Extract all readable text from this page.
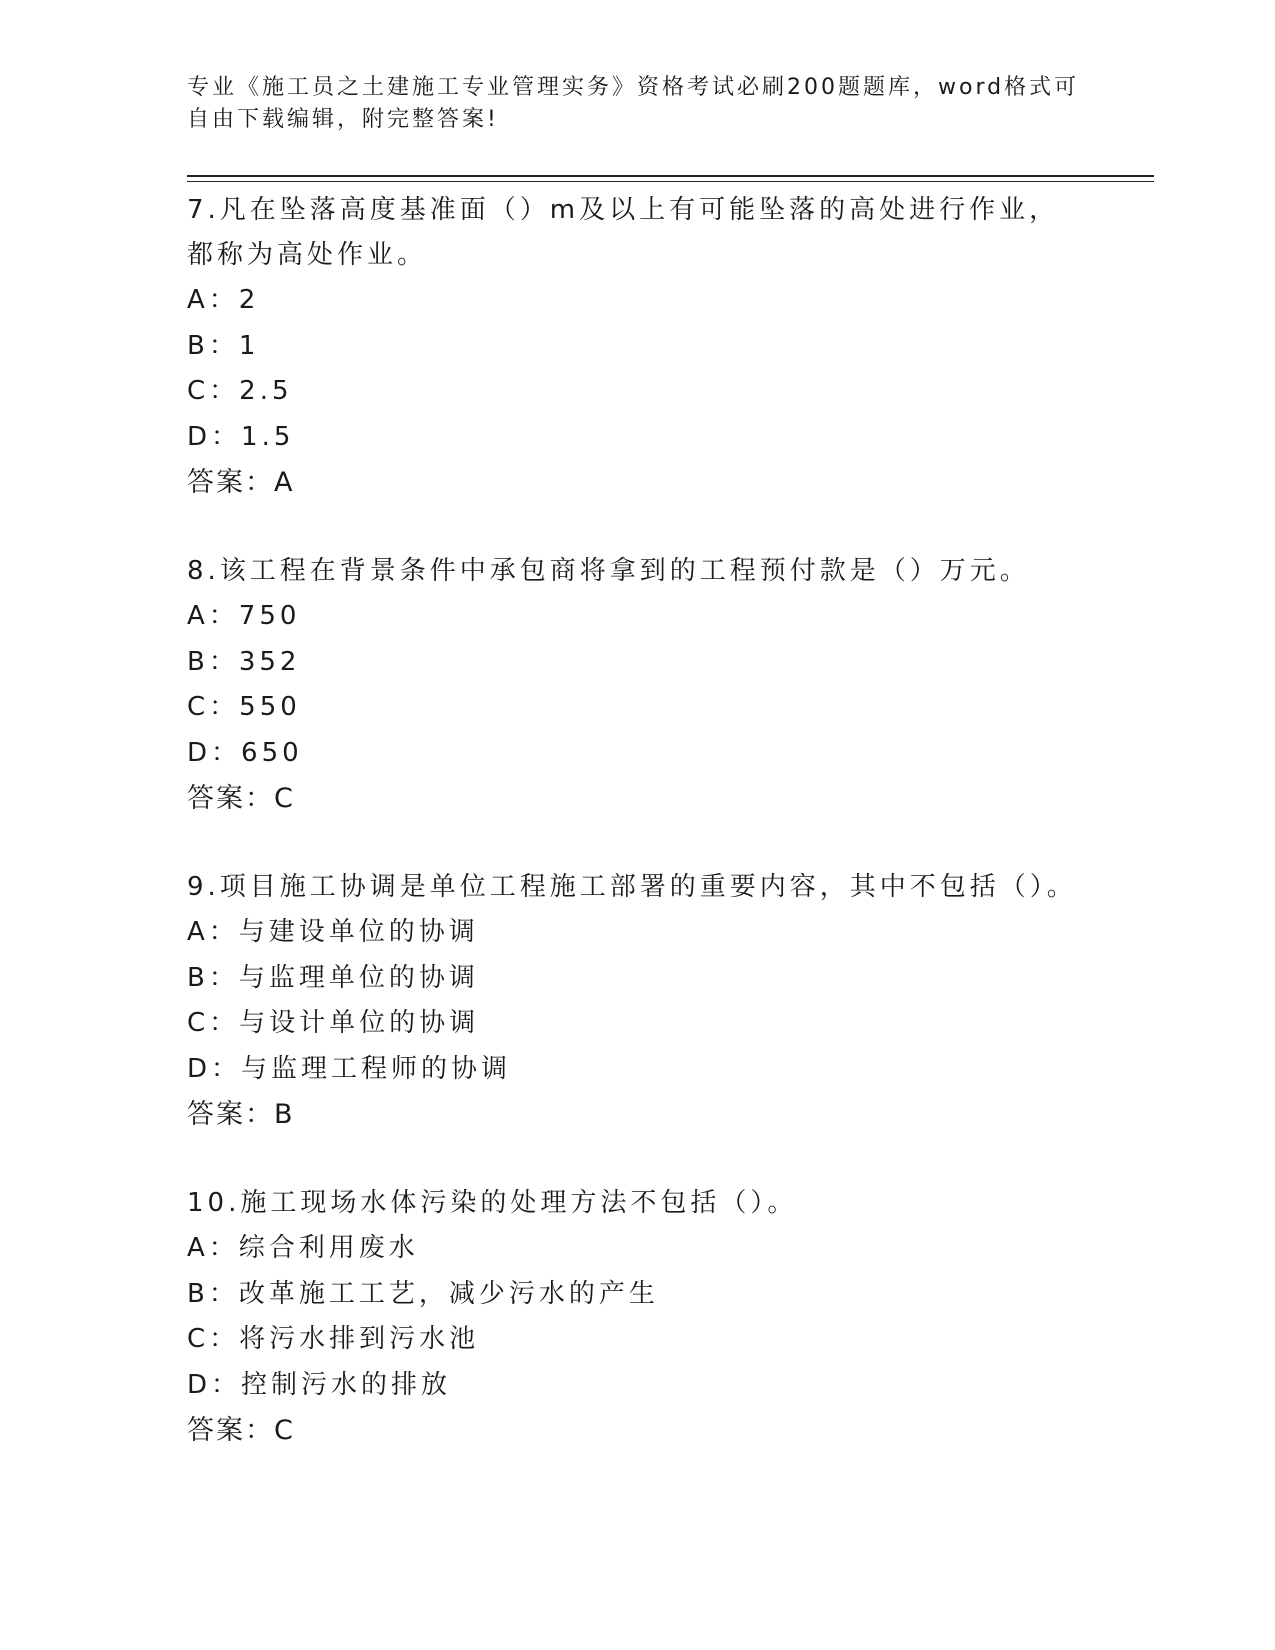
专业《施工员之土建施工专业管理实务》资格考试必刷200题题库，word格式可
自由下载编辑，附完整答案!

7.凡在坠落高度基准面（）m及以上有可能坠落的高处进行作业，都称为高处作业。

A：2

B：1

C：2.5

D：1.5

答案：A

8.该工程在背景条件中承包商将拿到的工程预付款是（）万元。

A：750

B：352

C：550

D：650

答案：C

9.项目施工协调是单位工程施工部署的重要内容，其中不包括（）。

A：与建设单位的协调

B：与监理单位的协调

C：与设计单位的协调

D：与监理工程师的协调

答案：B

10.施工现场水体污染的处理方法不包括（）。

A：综合利用废水

B：改革施工工艺，减少污水的产生

C：将污水排到污水池

D：控制污水的排放

答案：C
